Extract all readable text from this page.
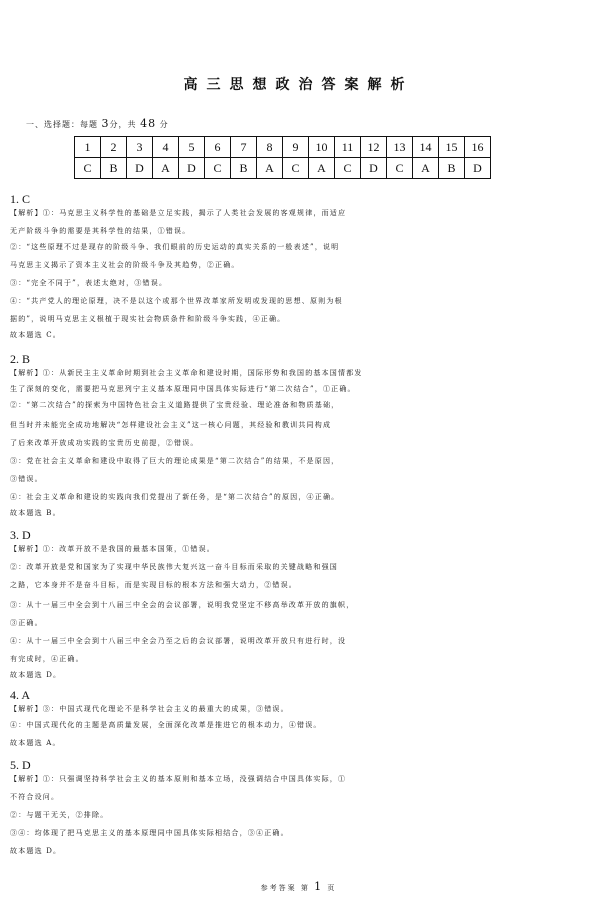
高三思想政治答案解析
一、选择题：每题 3分，共 48 分
1	2	3	4	5	6	7	8	9	10	11	12	13	14	15	16
C	B	D	A	D	C	B	A	C	A	C	D	C	A	B	D
1. C
【解析】①：马克思主义科学性的基础是立足实践，揭示了人类社会发展的客观规律，而适应
无产阶级斗争的需要是其科学性的结果，①错误。
②：“这些原理不过是现存的阶级斗争、我们眼前的历史运动的真实关系的一般表述”，说明
马克思主义揭示了资本主义社会的阶级斗争及其趋势，②正确。
③：“完全不同于”，表述太绝对，③错误。
④：“共产党人的理论原理，决不是以这个或那个世界改革家所发明或发现的思想、原则为根
据的”，说明马克思主义根植于现实社会物质条件和阶级斗争实践，④正确。
故本题选 C。
2. B
【解析】①：从新民主主义革命时期到社会主义革命和建设时期，国际形势和我国的基本国情都发
生了深刻的变化，需要把马克思列宁主义基本原理同中国具体实际进行“第二次结合”，①正确。
②：“第二次结合”的探索为中国特色社会主义道路提供了宝贵经验、理论准备和物质基础，
但当时并未能完全成功地解决“怎样建设社会主义”这一核心问题，其经验和教训共同构成
了后来改革开放成功实践的宝贵历史前提，②错误。
③：党在社会主义革命和建设中取得了巨大的理论成果是“第二次结合”的结果，不是原因，
③错误。
④：社会主义革命和建设的实践向我们党提出了新任务，是“第二次结合”的原因，④正确。
故本题选 B。
3. D
【解析】①：改革开放不是我国的最基本国策，①错误。
②：改革开放是党和国家为了实现中华民族伟大复兴这一奋斗目标而采取的关键战略和强国
之路，它本身并不是奋斗目标，而是实现目标的根本方法和强大动力，②错误。
③：从十一届三中全会到十八届三中全会的会议部署，说明我党坚定不移高举改革开放的旗帜，
③正确。
④：从十一届三中全会到十八届三中全会乃至之后的会议部署，说明改革开放只有进行时，没
有完成时，④正确。
故本题选 D。
4. A
【解析】③：中国式现代化理论不是科学社会主义的最重大的成果，③错误。
④：中国式现代化的主题是高质量发展，全面深化改革是推进它的根本动力，④错误。
故本题选 A。
5. D
【解析】①：只强调坚持科学社会主义的基本原则和基本立场，没强调结合中国具体实际，①
不符合设问。
②：与题干无关，②排除。
③④：均体现了把马克思主义的基本原理同中国具体实际相结合，③④正确。
故本题选 D。
参考答案 第 1 页
